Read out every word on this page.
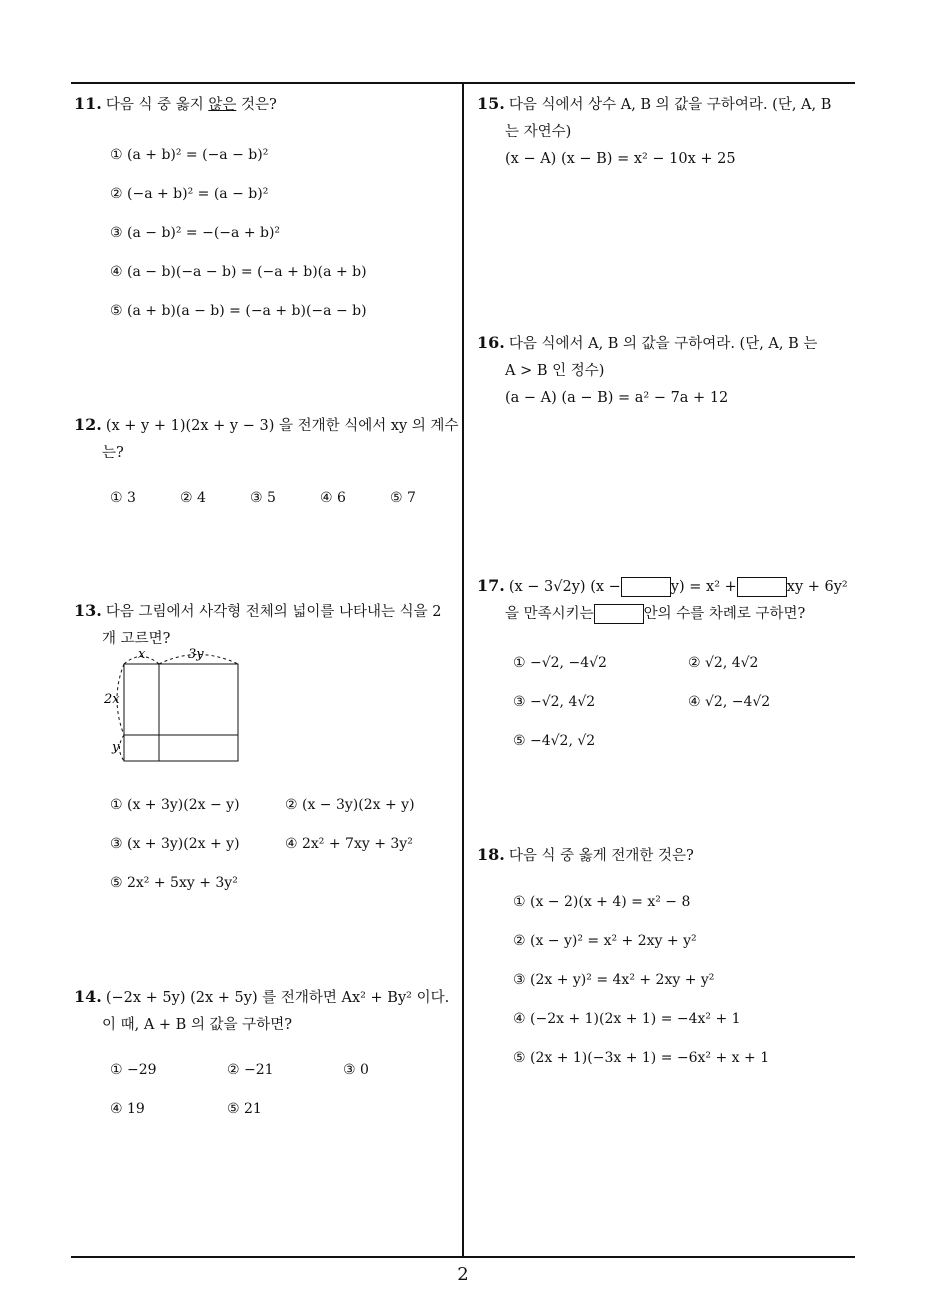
2
11. 다음 식 중 옳지 않은 것은?
① (a + b)² = (−a − b)²
② (−a + b)² = (a − b)²
③ (a − b)² = −(−a + b)²
④ (a − b)(−a − b) = (−a + b)(a + b)
⑤ (a + b)(a − b) = (−a + b)(−a − b)
12. (x + y + 1)(2x + y − 3) 을 전개한 식에서 xy 의 계수
는?
① 3	② 4	③ 5	④ 6	⑤ 7
13. 다음 그림에서 사각형 전체의 넓이를 나타내는 식을 2
개 고르면?
x	3y
2x
y
① (x + 3y)(2x − y)	② (x − 3y)(2x + y)
③ (x + 3y)(2x + y)	④ 2x² + 7xy + 3y²
⑤ 2x² + 5xy + 3y²
14. (−2x + 5y) (2x + 5y) 를 전개하면 Ax² + By² 이다.
이 때, A + B 의 값을 구하면?
① −29	② −21	③ 0
④ 19	⑤ 21
15. 다음 식에서 상수 A, B 의 값을 구하여라. (단, A, B
는 자연수)
(x − A) (x − B) = x² − 10x + 25
16. 다음 식에서 A, B 의 값을 구하여라. (단, A, B 는
A > B 인 정수)
(a − A) (a − B) = a² − 7a + 12
17. (x − 3√2y) (x −	y) = x² +	xy + 6y²
을 만족시키는	안의 수를 차례로 구하면?
① −√2, −4√2	② √2, 4√2
③ −√2, 4√2	④ √2, −4√2
⑤ −4√2, √2
18. 다음 식 중 옳게 전개한 것은?
① (x − 2)(x + 4) = x² − 8
② (x − y)² = x² + 2xy + y²
③ (2x + y)² = 4x² + 2xy + y²
④ (−2x + 1)(2x + 1) = −4x² + 1
⑤ (2x + 1)(−3x + 1) = −6x² + x + 1
